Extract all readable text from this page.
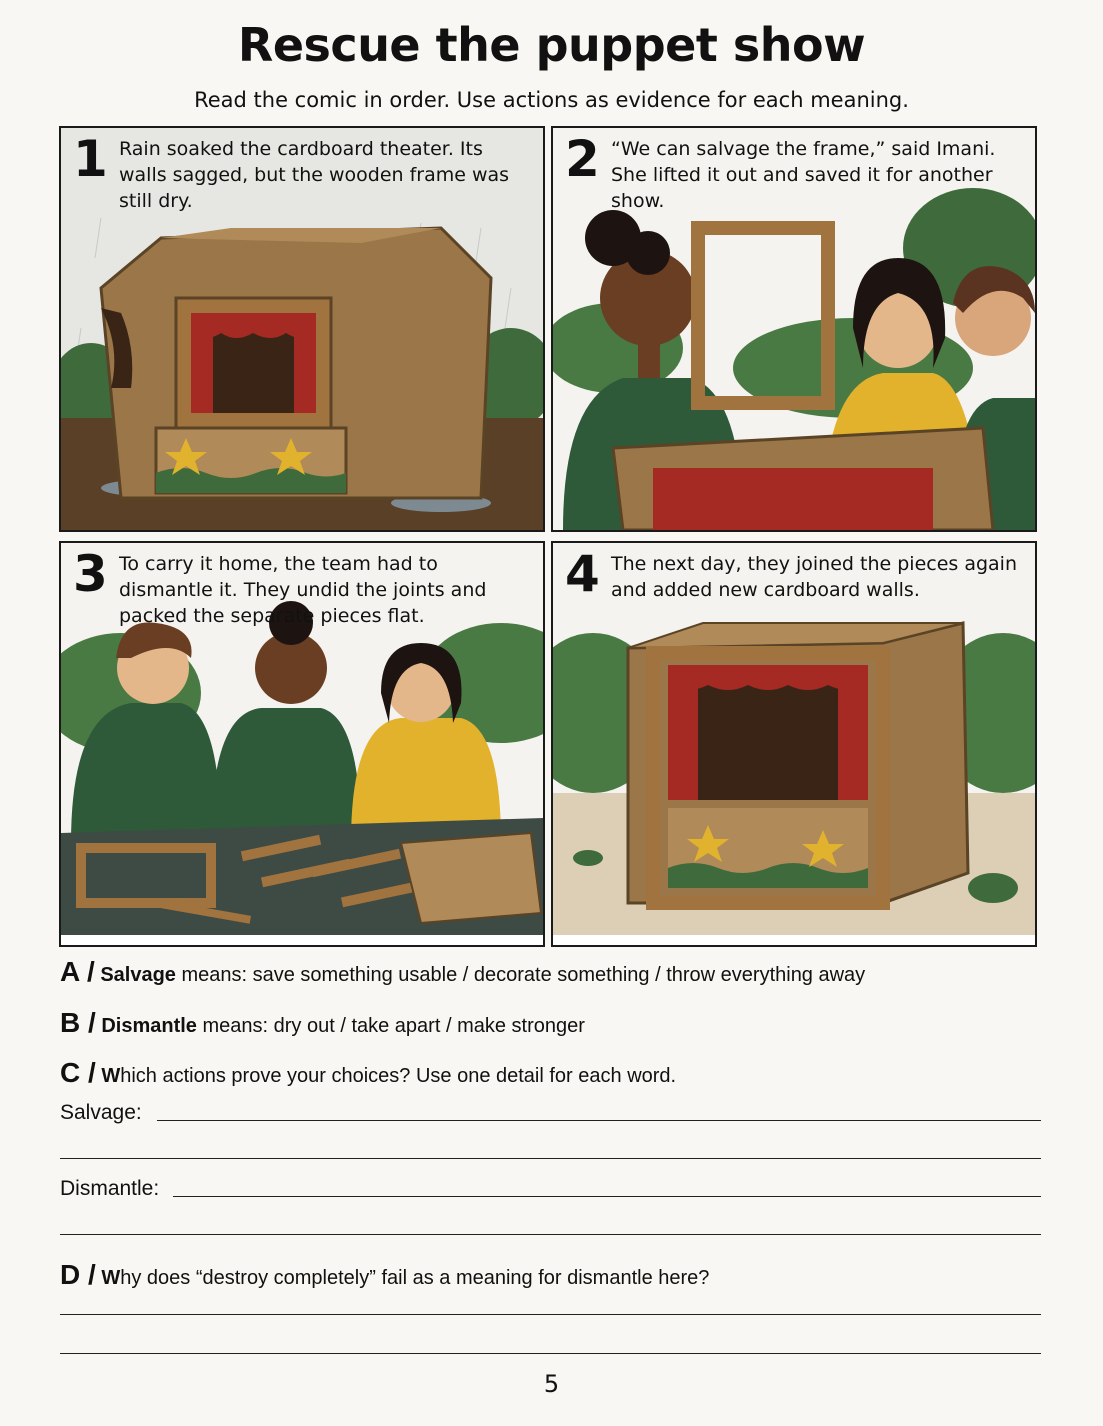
Rescue the puppet show
Read the comic in order. Use actions as evidence for each meaning.
1 Rain soaked the cardboard theater. Its walls sagged, but the wooden frame was still dry.
2 “We can salvage the frame,” said Imani. She lifted it out and saved it for another show.
3 To carry it home, the team had to dismantle it. They undid the joints and packed the separate pieces flat.
4 The next day, they joined the pieces again and added new cardboard walls.
A / Salvage means: save something usable / decorate something / throw everything away
B / Dismantle means: dry out / take apart / make stronger
C / Which actions prove your choices? Use one detail for each word.
Salvage:
Dismantle:
D / Why does “destroy completely” fail as a meaning for dismantle here?
5
